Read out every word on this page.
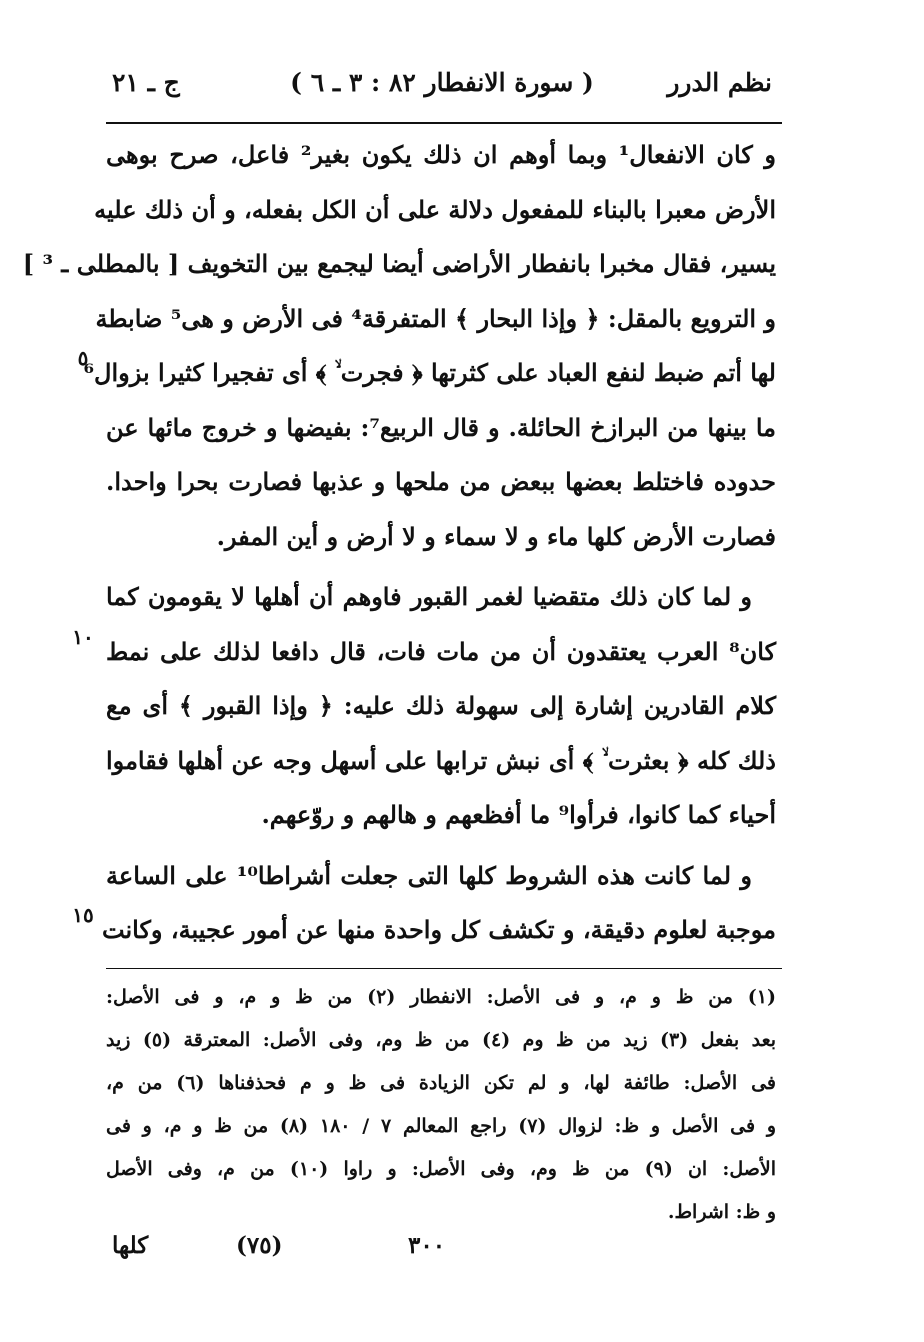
نظم الدرر
( سورة الانفطار ٨٢ : ٣ ـ ٦ )
ج ـ ٢١
و كان الانفعال¹ وبما أوهم ان ذلك يكون بغير² فاعل، صرح بوهى
الأرض معبرا بالبناء للمفعول دلالة على أن الكل بفعله، و أن ذلك عليه
يسير، فقال مخبرا بانفطار الأراضى أيضا ليجمع بين التخويف [ بالمطلى ـ ³ ]
و الترويع بالمقل: ﴿ وإذا البحار ﴾ المتفرقة⁴ فى الأرض و هى⁵ ضابطة
٥
لها أتم ضبط لنفع العباد على كثرتها ﴿ فجرت ۙ ﴾ أى تفجيرا كثيرا بزوال⁶
ما بينها من البرازخ الحائلة. و قال الربيع⁷: بفيضها و خروج مائها عن
حدوده فاختلط بعضها ببعض من ملحها و عذبها فصارت بحرا واحدا.
فصارت الأرض كلها ماء و لا سماء و لا أرض و أين المفر.
و لما كان ذلك متقضيا لغمر القبور فاوهم أن أهلها لا يقومون كما
١٠ كان⁸ العرب يعتقدون أن من مات فات، قال دافعا لذلك على نمط
كلام القادرين إشارة إلى سهولة ذلك عليه: ﴿ وإذا القبور ﴾ أى مع
ذلك كله ﴿ بعثرت ۙ ﴾ أى نبش ترابها على أسهل وجه عن أهلها فقاموا
أحياء كما كانوا، فرأوا⁹ ما أفظعهم و هالهم و روّعهم.
و لما كانت هذه الشروط كلها التى جعلت أشراطا¹⁰ على الساعة
١٥ موجبة لعلوم دقيقة، و تكشف كل واحدة منها عن أمور عجيبة، وكانت
(١) من ظ و م، و فى الأصل: الانفطار (٢) من ظ و م، و فى الأصل:
بعد بفعل (٣) زيد من ظ وم (٤) من ظ وم، وفى الأصل: المعترقة (٥) زيد
فى الأصل: طائفة لها، و لم تكن الزيادة فى ظ و م فحذفناها (٦) من م،
و فى الأصل و ظ: لزوال (٧) راجع المعالم ٧ / ١٨٠ (٨) من ظ و م، و فى
الأصل: ان (٩) من ظ وم، وفى الأصل: و راوا (١٠) من م، وفى الأصل
و ظ: اشراط.
كلها	(٧٥)	٣٠٠
